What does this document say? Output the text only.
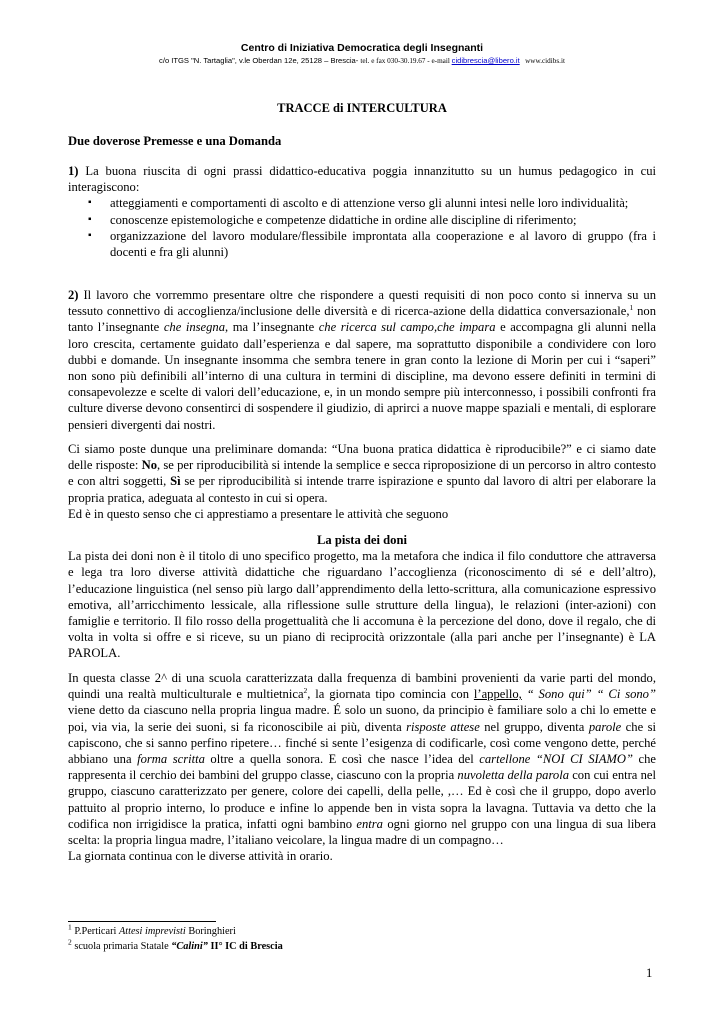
Centro di Iniziativa Democratica degli Insegnanti
c/o ITGS "N. Tartaglia", v.le Oberdan 12e, 25128 – Brescia- tel. e fax 030-30.19.67 - e-mail cidibrescia@libero.it www.cidibs.it
TRACCE di INTERCULTURA
Due doverose Premesse e una Domanda

1) La buona riuscita di ogni prassi didattico-educativa poggia innanzitutto su un humus pedagogico in cui interagiscono:

▪ atteggiamenti e comportamenti di ascolto e di attenzione verso gli alunni intesi nelle loro individualità;
▪ conoscenze epistemologiche e competenze didattiche in ordine alle discipline di riferimento;
▪ organizzazione del lavoro modulare/flessibile improntata alla cooperazione e al lavoro di gruppo (fra i docenti e fra gli alunni)

2) Il lavoro che vorremmo presentare oltre che rispondere a questi requisiti di non poco conto si innerva su un tessuto connettivo di accoglienza/inclusione delle diversità e di ricerca-azione della didattica conversazionale,$^1$ non tanto l’insegnante che insegna, ma l’insegnante che ricerca sul campo,che impara e accompagna gli alunni nella loro crescita, certamente guidato dall’esperienza e dal sapere, ma soprattutto disponibile a condividere con loro dubbi e domande. Un insegnante insomma che sembra tenere in gran conto la lezione di Morin per cui i “saperi” non sono più definibili all’interno di una cultura in termini di discipline, ma devono essere definiti in termini di consapevolezze e scelte di valori dell’educazione, e, in un mondo sempre più interconnesso, i possibili confronti fra culture diverse devono consentirci di sospendere il giudizio, di aprirci a nuove mappe spaziali e mentali, di esplorare pensieri divergenti dai nostri.

Ci siamo poste dunque una preliminare domanda: “Una buona pratica didattica è riproducibile?” e ci siamo date delle risposte: No, se per riproducibilità si intende la semplice e secca riproposizione di un percorso in altro contesto e con altri soggetti, Sì se per riproducibilità si intende trarre ispirazione e spunto dal lavoro di altri per elaborare la propria pratica, adeguata al contesto in cui si opera.

Ed è in questo senso che ci apprestiamo a presentare le attività che seguono

La pista dei doni

La pista dei doni non è il titolo di uno specifico progetto, ma la metafora che indica il filo conduttore che attraversa e lega tra loro diverse attività didattiche che riguardano l’accoglienza (riconoscimento di sé e dell’altro), l’educazione linguistica (nel senso più largo dall’apprendimento della letto-scrittura, alla comunicazione espressivo emotiva, all’arricchimento lessicale, alla riflessione sulle strutture della lingua), le relazioni (inter-azioni) con famiglie e territorio. Il filo rosso della progettualità che li accomuna è la percezione del dono, dove il regalo, che di volta in volta si offre e si riceve, su un piano di reciprocità orizzontale (alla pari anche per l’insegnante) è LA PAROLA.

In questa classe 2^ di una scuola caratterizzata dalla frequenza di bambini provenienti da varie parti del mondo, quindi una realtà multiculturale e multietnica$^2$, la giornata tipo comincia con l’appello, “ Sono qui” “ Ci sono” viene detto da ciascuno nella propria lingua madre. É solo un suono, da principio è familiare solo a chi lo emette e poi, via via, la serie dei suoni, si fa riconoscibile ai più, diventa risposte attese nel gruppo, diventa parole che si capiscono, che si sanno perfino ripetere… finché si sente l’esigenza di codificarle, così come vengono dette, perché abbiano una forma scritta oltre a quella sonora. E così che nasce l’idea del cartellone “NOI CI SIAMO” che rappresenta il cerchio dei bambini del gruppo classe, ciascuno con la propria nuvoletta della parola con cui entra nel gruppo, ciascuno caratterizzato per genere, colore dei capelli, della pelle, ,… Ed è così che il gruppo, dopo averlo pattuito al proprio interno, lo produce e infine lo appende ben in vista sopra la lavagna. Tuttavia va detto che la codifica non irrigidisce la pratica, infatti ogni bambino entra ogni giorno nel gruppo con una lingua di sua libera scelta: la propria lingua madre, l’italiano veicolare, la lingua madre di un compagno…

La giornata continua con le diverse attività in orario.

$^1$ P.Perticari Attesi imprevisti Boringhieri
$^2$ scuola primaria Statale “Calini” II° IC di Brescia
1
